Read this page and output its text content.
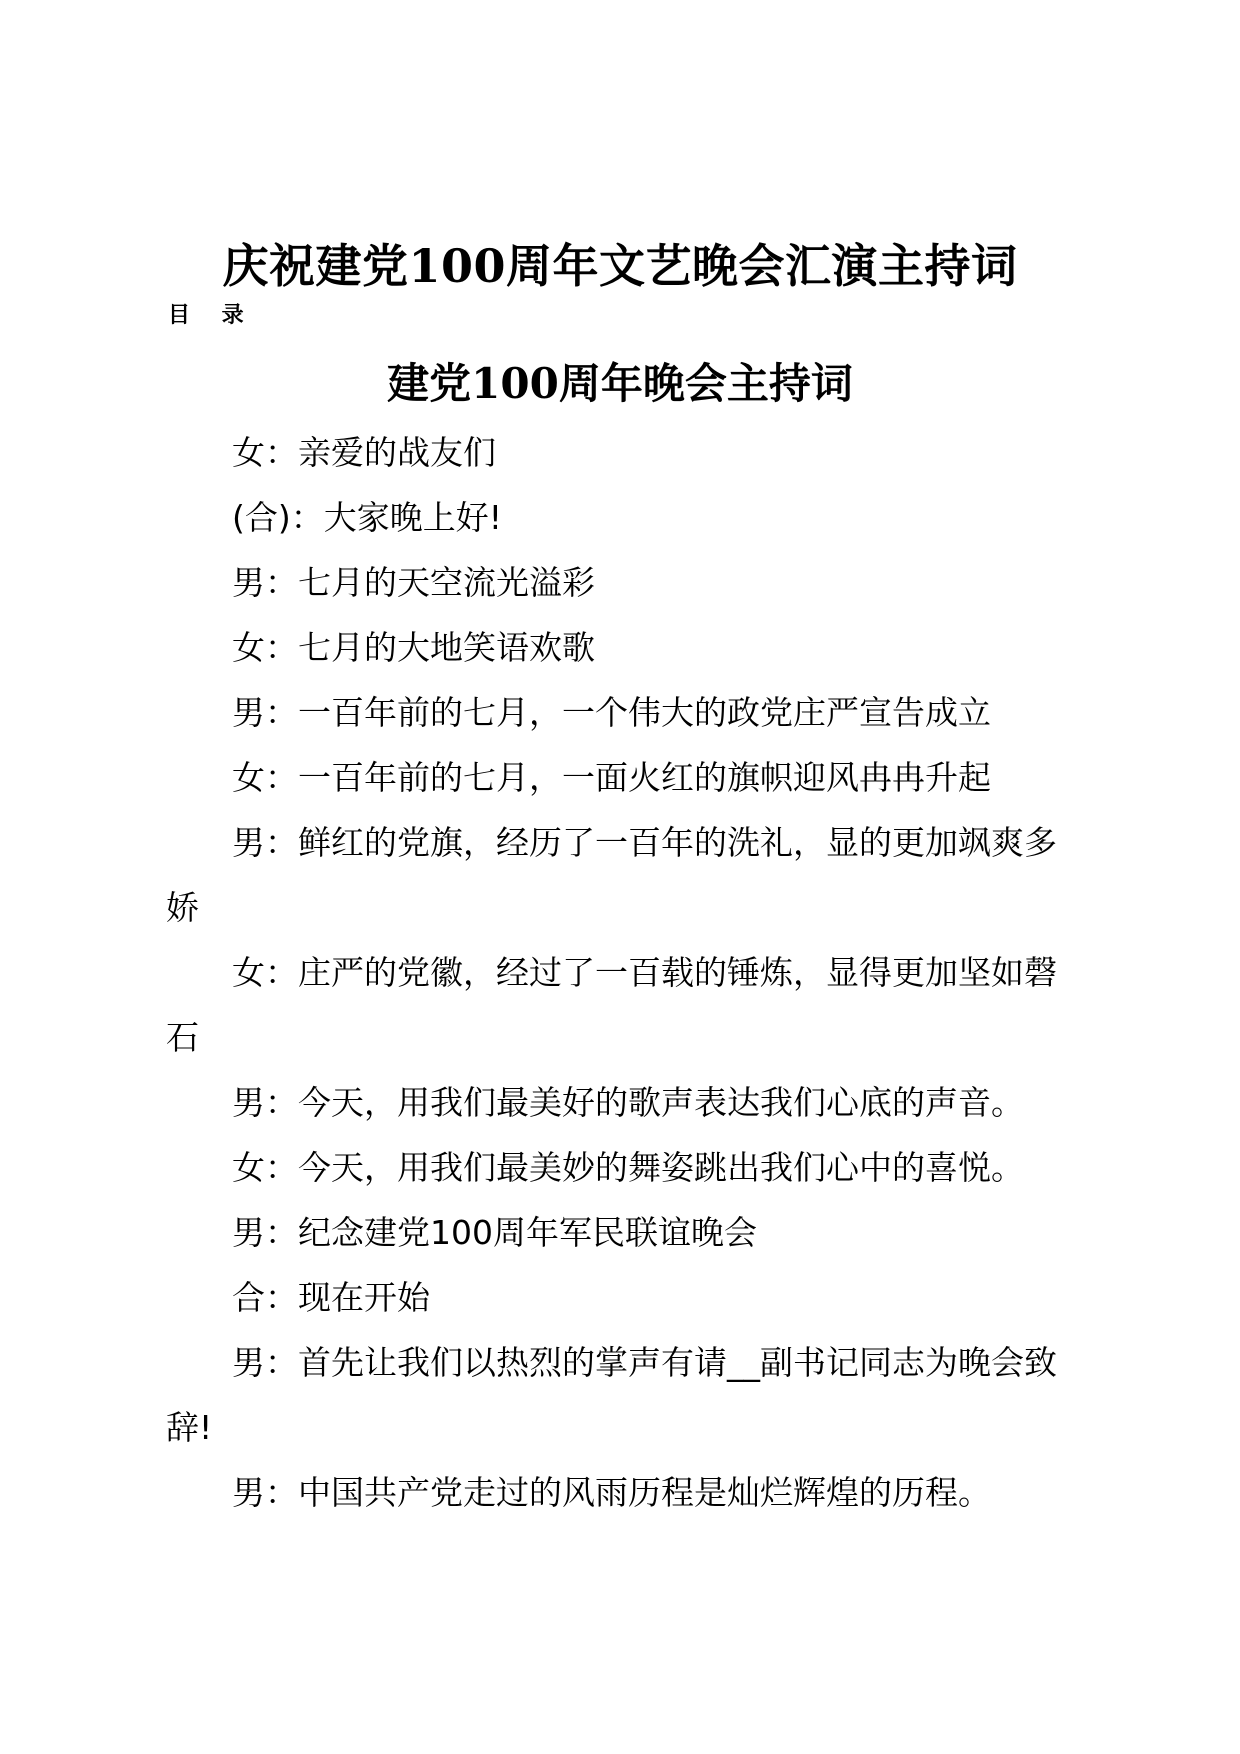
庆祝建党100周年文艺晚会汇演主持词
目 录
建党100周年晚会主持词

女：亲爱的战友们

(合)：大家晚上好!

男：七月的天空流光溢彩

女：七月的大地笑语欢歌

男：一百年前的七月，一个伟大的政党庄严宣告成立

女：一百年前的七月，一面火红的旗帜迎风冉冉升起

男：鲜红的党旗，经历了一百年的洗礼，显的更加飒爽多娇

女：庄严的党徽，经过了一百载的锤炼，显得更加坚如磬石

男：今天，用我们最美好的歌声表达我们心底的声音。

女：今天，用我们最美妙的舞姿跳出我们心中的喜悦。

男：纪念建党100周年军民联谊晚会

合：现在开始

男：首先让我们以热烈的掌声有请__副书记同志为晚会致辞!

男：中国共产党走过的风雨历程是灿烂辉煌的历程。
